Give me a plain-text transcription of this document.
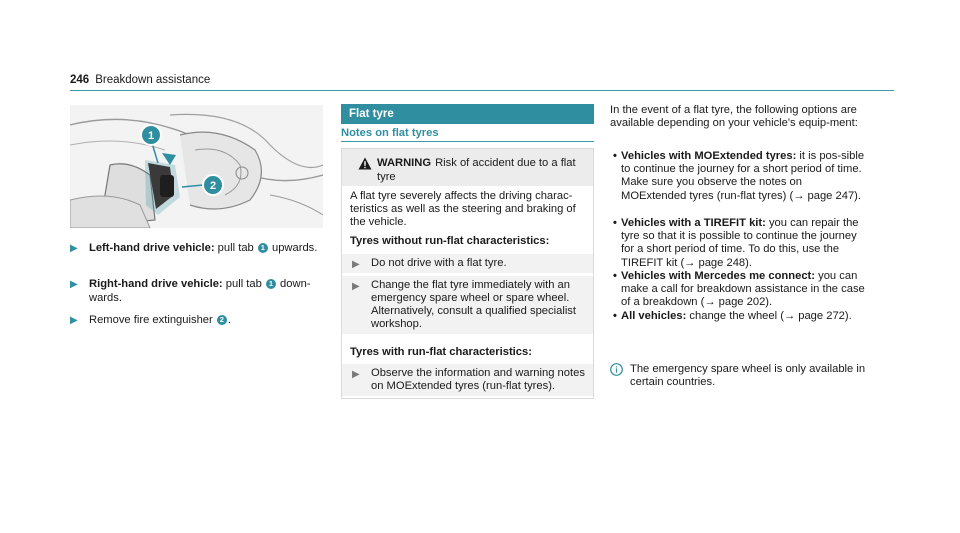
246 Breakdown assistance
1
2
▶ Left-hand drive vehicle: pull tab 1 upwards.
▶ Right-hand drive vehicle: pull tab 1 down-wards.
▶ Remove fire extinguisher 2 .
Flat tyre
Notes on flat tyres
WARNING Risk of accident due to a flat tyre
A flat tyre severely affects the driving charac-teristics as well as the steering and braking of the vehicle.
Tyres without run-flat characteristics:
▶ Do not drive with a flat tyre.
▶ Change the flat tyre immediately with an emergency spare wheel or spare wheel. Alternatively, consult a qualified specialist workshop.
Tyres with run-flat characteristics:
▶ Observe the information and warning notes on MOExtended tyres (run-flat tyres).
In the event of a flat tyre, the following options are available depending on your vehicle's equip-ment:
• Vehicles with MOExtended tyres: it is pos-sible to continue the journey for a short period of time. Make sure you observe the notes on MOExtended tyres (run-flat tyres) (→ page 247).
• Vehicles with a TIREFIT kit: you can repair the tyre so that it is possible to continue the journey for a short period of time. To do this, use the TIREFIT kit (→ page 248).
• Vehicles with Mercedes me connect: you can make a call for breakdown assistance in the case of a breakdown (→ page 202).
• All vehicles: change the wheel (→ page 272).
The emergency spare wheel is only available in certain countries.
